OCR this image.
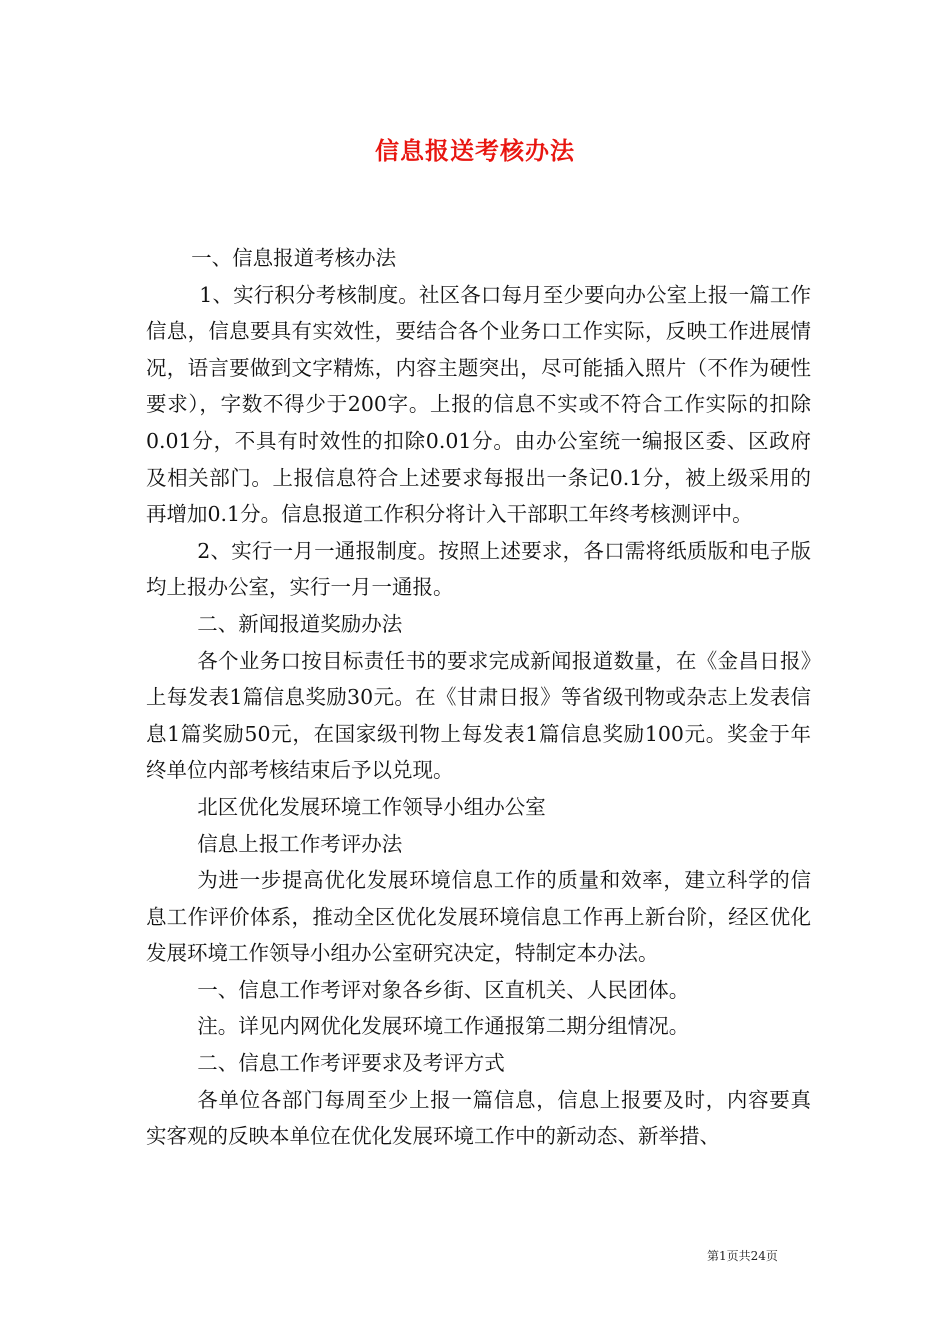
信息报送考核办法

一、信息报道考核办法

1、实行积分考核制度。社区各口每月至少要向办公室上报一篇工作信息，信息要具有实效性，要结合各个业务口工作实际，反映工作进展情况，语言要做到文字精炼，内容主题突出，尽可能插入照片（不作为硬性要求），字数不得少于200字。上报的信息不实或不符合工作实际的扣除0.01分，不具有时效性的扣除0.01分。由办公室统一编报区委、区政府及相关部门。上报信息符合上述要求每报出一条记0.1分，被上级采用的再增加0.1分。信息报道工作积分将计入干部职工年终考核测评中。

2、实行一月一通报制度。按照上述要求，各口需将纸质版和电子版均上报办公室，实行一月一通报。

二、新闻报道奖励办法

各个业务口按目标责任书的要求完成新闻报道数量，在《金昌日报》上每发表1篇信息奖励30元。在《甘肃日报》等省级刊物或杂志上发表信息1篇奖励50元，在国家级刊物上每发表1篇信息奖励100元。奖金于年终单位内部考核结束后予以兑现。

北区优化发展环境工作领导小组办公室

信息上报工作考评办法

为进一步提高优化发展环境信息工作的质量和效率，建立科学的信息工作评价体系，推动全区优化发展环境信息工作再上新台阶，经区优化发展环境工作领导小组办公室研究决定，特制定本办法。

一、信息工作考评对象各乡街、区直机关、人民团体。

注。详见内网优化发展环境工作通报第二期分组情况。

二、信息工作考评要求及考评方式

各单位各部门每周至少上报一篇信息，信息上报要及时，内容要真实客观的反映本单位在优化发展环境工作中的新动态、新举措、

第1页共24页
